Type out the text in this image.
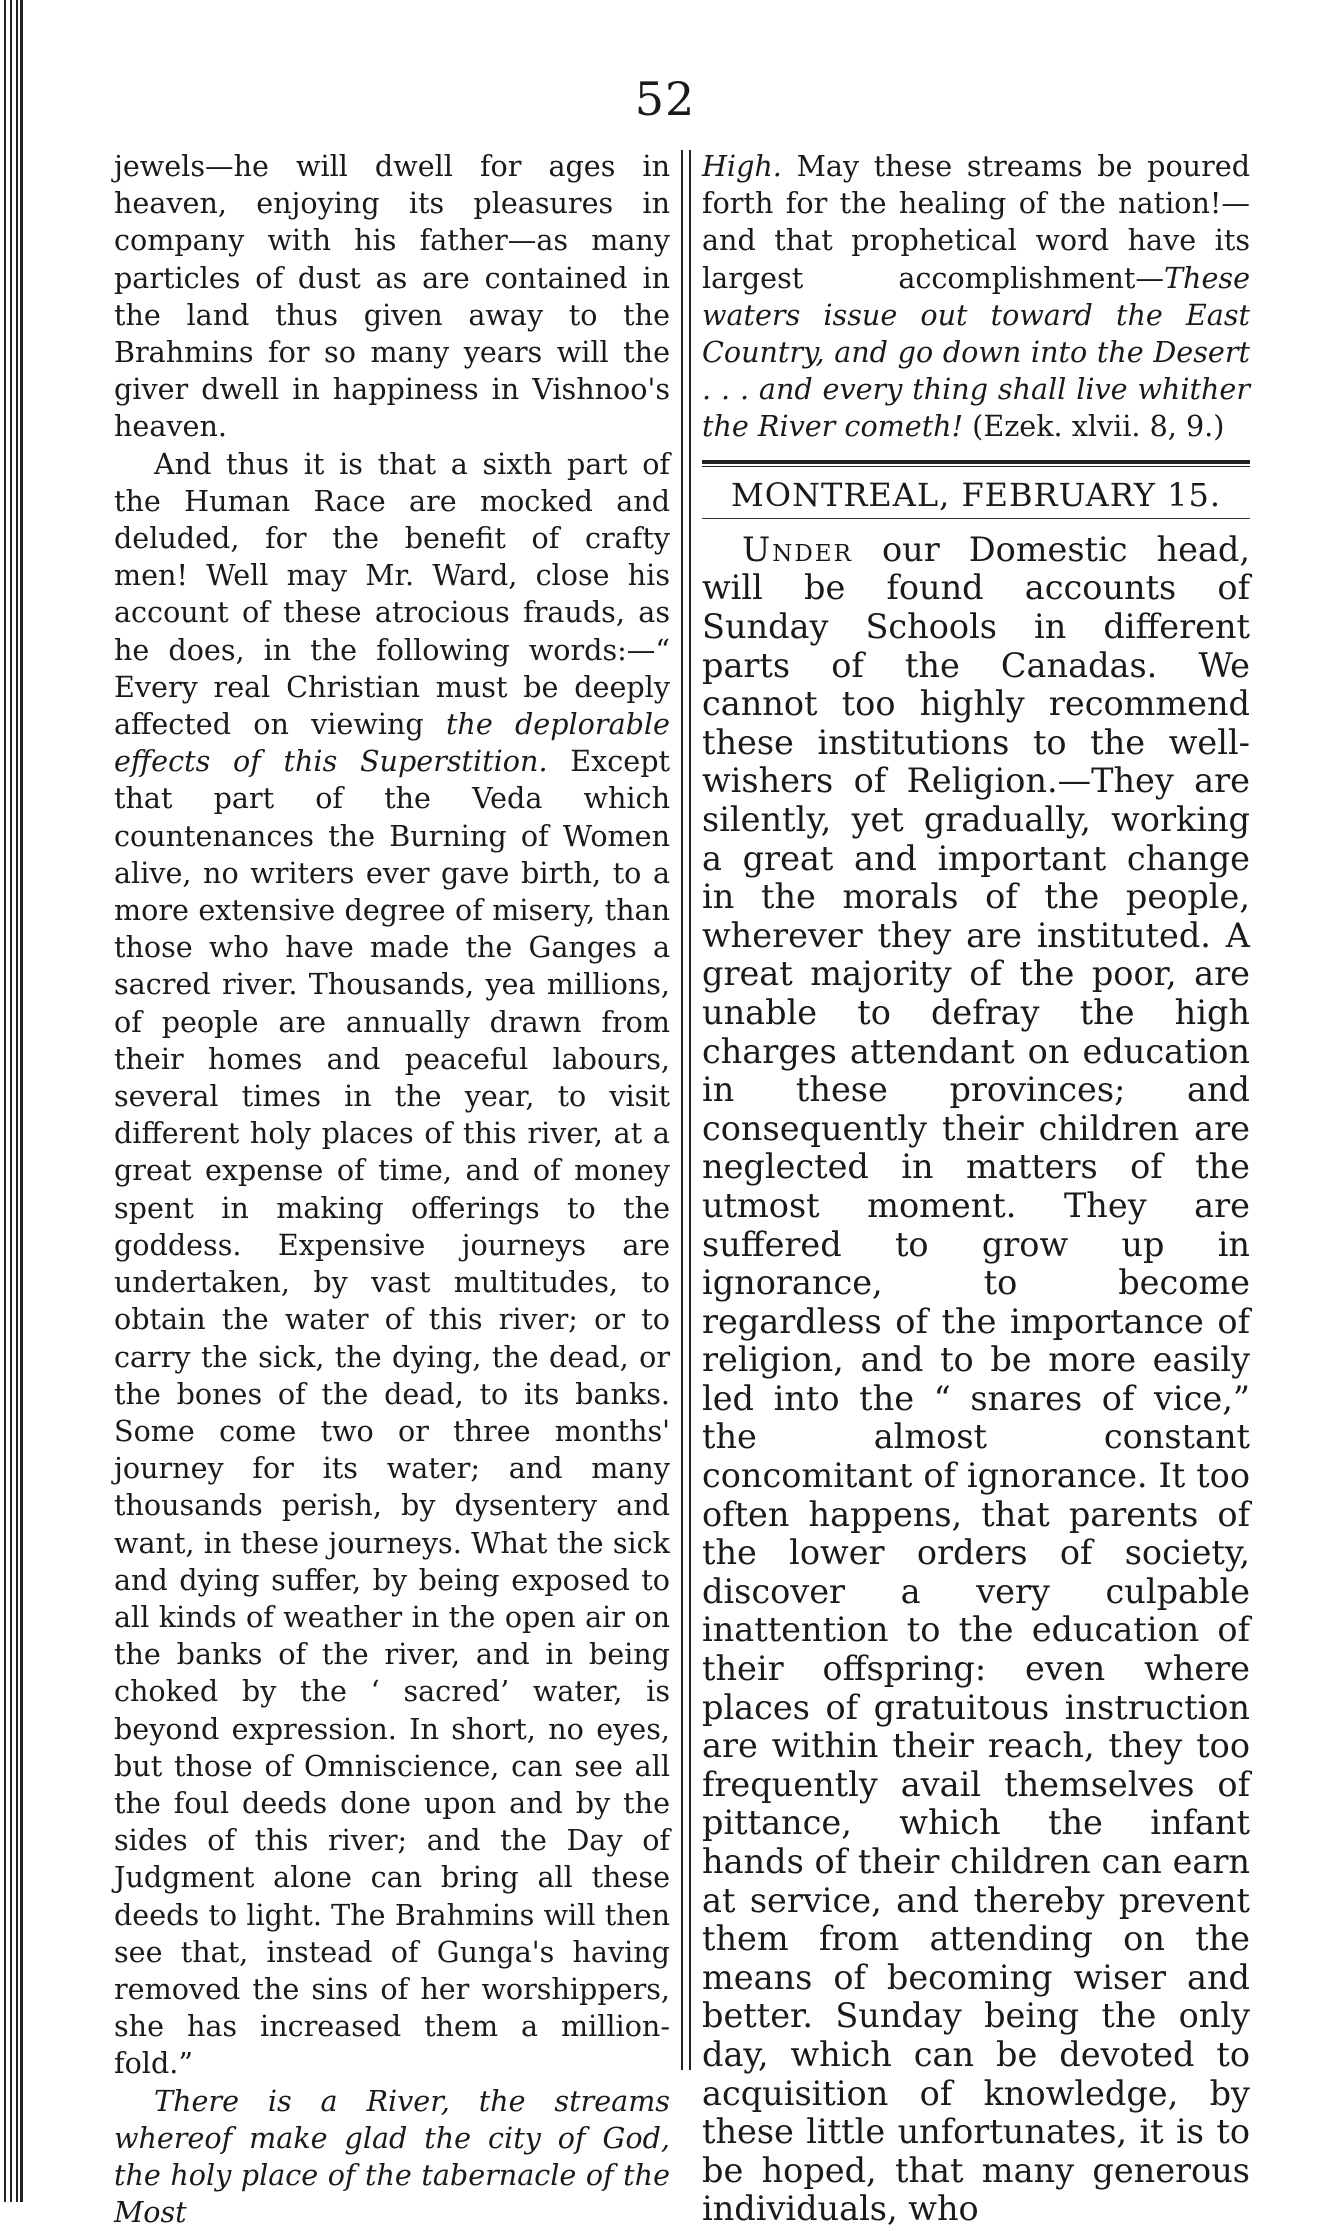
52

jewels—he will dwell for ages in heaven, enjoying its pleasures in company with his father—as many particles of dust as are contained in the land thus given away to the Brahmins for so many years will the giver dwell in happiness in Vishnoo's heaven.

And thus it is that a sixth part of the Human Race are mocked and deluded, for the benefit of crafty men! Well may Mr. Ward, close his account of these atrocious frauds, as he does, in the following words:—“ Every real Christian must be deeply affected on viewing the deplorable effects of this Superstition. Except that part of the Veda which countenances the Burning of Women alive, no writers ever gave birth, to a more extensive degree of misery, than those who have made the Ganges a sacred river. Thousands, yea millions, of people are annually drawn from their homes and peaceful labours, several times in the year, to visit different holy places of this river, at a great expense of time, and of money spent in making offerings to the goddess. Expensive journeys are undertaken, by vast multitudes, to obtain the water of this river; or to carry the sick, the dying, the dead, or the bones of the dead, to its banks. Some come two or three months' journey for its water; and many thousands perish, by dysentery and want, in these journeys. What the sick and dying suffer, by being exposed to all kinds of weather in the open air on the banks of the river, and in being choked by the ‘ sacred’ water, is beyond expression. In short, no eyes, but those of Omniscience, can see all the foul deeds done upon and by the sides of this river; and the Day of Judgment alone can bring all these deeds to light. The Brahmins will then see that, instead of Gunga's having removed the sins of her worshippers, she has increased them a million-fold.”

There is a River, the streams whereof make glad the city of God, the holy place of the tabernacle of the Most

High. May these streams be poured forth for the healing of the nation!—and that prophetical word have its largest accomplishment—These waters issue out toward the East Country, and go down into the Desert . . . and every thing shall live whither the River cometh! (Ezek. xlvii. 8, 9.)

MONTREAL, FEBRUARY 15.

Under our Domestic head, will be found accounts of Sunday Schools in different parts of the Canadas. We cannot too highly recommend these institutions to the well-wishers of Religion.—They are silently, yet gradually, working a great and important change in the morals of the people, wherever they are instituted. A great majority of the poor, are unable to defray the high charges attendant on education in these provinces; and consequently their children are neglected in matters of the utmost moment. They are suffered to grow up in ignorance, to become regardless of the importance of religion, and to be more easily led into the “ snares of vice,” the almost constant concomitant of ignorance. It too often happens, that parents of the lower orders of society, discover a very culpable inattention to the education of their offspring: even where places of gratuitous instruction are within their reach, they too frequently avail themselves of pittance, which the infant hands of their children can earn at service, and thereby prevent them from attending on the means of becoming wiser and better. Sunday being the only day, which can be devoted to acquisition of knowledge, by these little unfortunates, it is to be hoped, that many generous individuals, who
